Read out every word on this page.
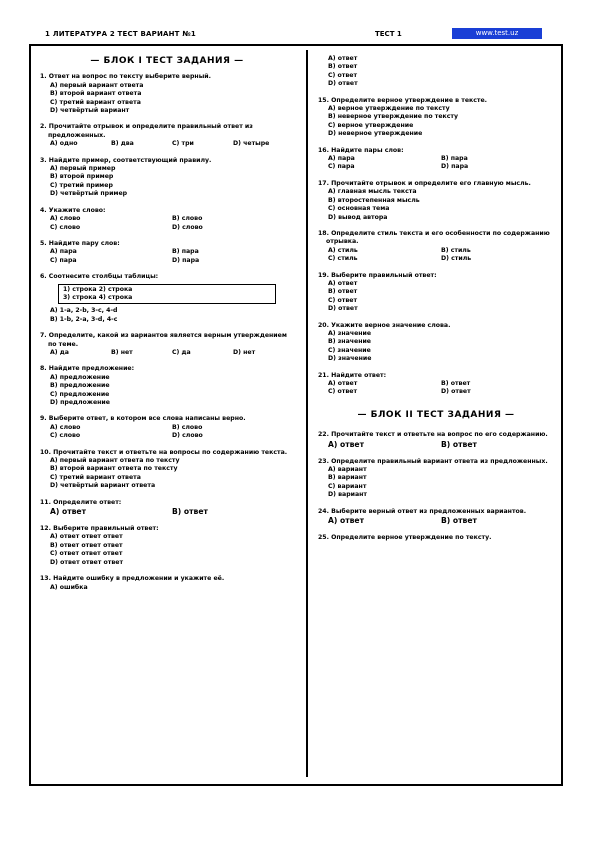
1 ЛИТЕРАТУРА 2 ТЕСТ ВАРИАНТ №1	ТЕСТ 1	www.test.uz
— БЛОК I ТЕСТ ЗАДАНИЯ —
1. Ответ на вопрос по тексту выберите верный.
А) первый вариант ответа
В) второй вариант ответа
С) третий вариант ответа
D) четвёртый вариант
2. Прочитайте отрывок и определите правильный ответ из предложенных.
А) одно	В) два	С) три	D) четыре
3. Найдите пример, соответствующий правилу.
А) первый пример
В) второй пример
С) третий пример
D) четвёртый пример
4. Укажите слово:
А) слово	В) слово
С) слово	D) слово
5. Найдите пару слов:
А) пара	В) пара
С) пара	D) пара
6. Соотнесите столбцы таблицы:
1) строка 2) строка
3) строка 4) строка
А) 1-a, 2-b, 3-c, 4-d
В) 1-b, 2-a, 3-d, 4-c
7. Определите, какой из вариантов является верным утверждением по теме.
А) да	В) нет	С) да	D) нет
8. Найдите предложение:
А) предложение
В) предложение
С) предложение
D) предложение
9. Выберите ответ, в котором все слова написаны верно.
А) слово	В) слово
С) слово	D) слово
10. Прочитайте текст и ответьте на вопросы по содержанию текста.
А) первый вариант ответа по тексту
В) второй вариант ответа по тексту
С) третий вариант ответа
D) четвёртый вариант ответа
11. Определите ответ:
А) ответ	В) ответ
12. Выберите правильный ответ:
А) ответ ответ ответ
В) ответ ответ ответ
С) ответ ответ ответ
D) ответ ответ ответ
13. Найдите ошибку в предложении и укажите её.
А) ошибка
А) ответ
В) ответ
С) ответ
D) ответ
15. Определите верное утверждение в тексте.
А) верное утверждение по тексту
В) неверное утверждение по тексту
С) верное утверждение
D) неверное утверждение
16. Найдите пары слов:
А) пара	В) пара
С) пара	D) пара
17. Прочитайте отрывок и определите его главную мысль.
А) главная мысль текста
В) второстепенная мысль
С) основная тема
D) вывод автора
18. Определите стиль текста и его особенности по содержанию отрывка.
А) стиль	В) стиль
С) стиль	D) стиль
19. Выберите правильный ответ:
А) ответ
В) ответ
С) ответ
D) ответ
20. Укажите верное значение слова.
А) значение
В) значение
С) значение
D) значение
21. Найдите ответ:
А) ответ	В) ответ
С) ответ	D) ответ
— БЛОК II ТЕСТ ЗАДАНИЯ —
22. Прочитайте текст и ответьте на вопрос по его содержанию.
А) ответ	В) ответ
23. Определите правильный вариант ответа из предложенных.
А) вариант
В) вариант
С) вариант
D) вариант
24. Выберите верный ответ из предложенных вариантов.
А) ответ	В) ответ
25. Определите верное утверждение по тексту.
